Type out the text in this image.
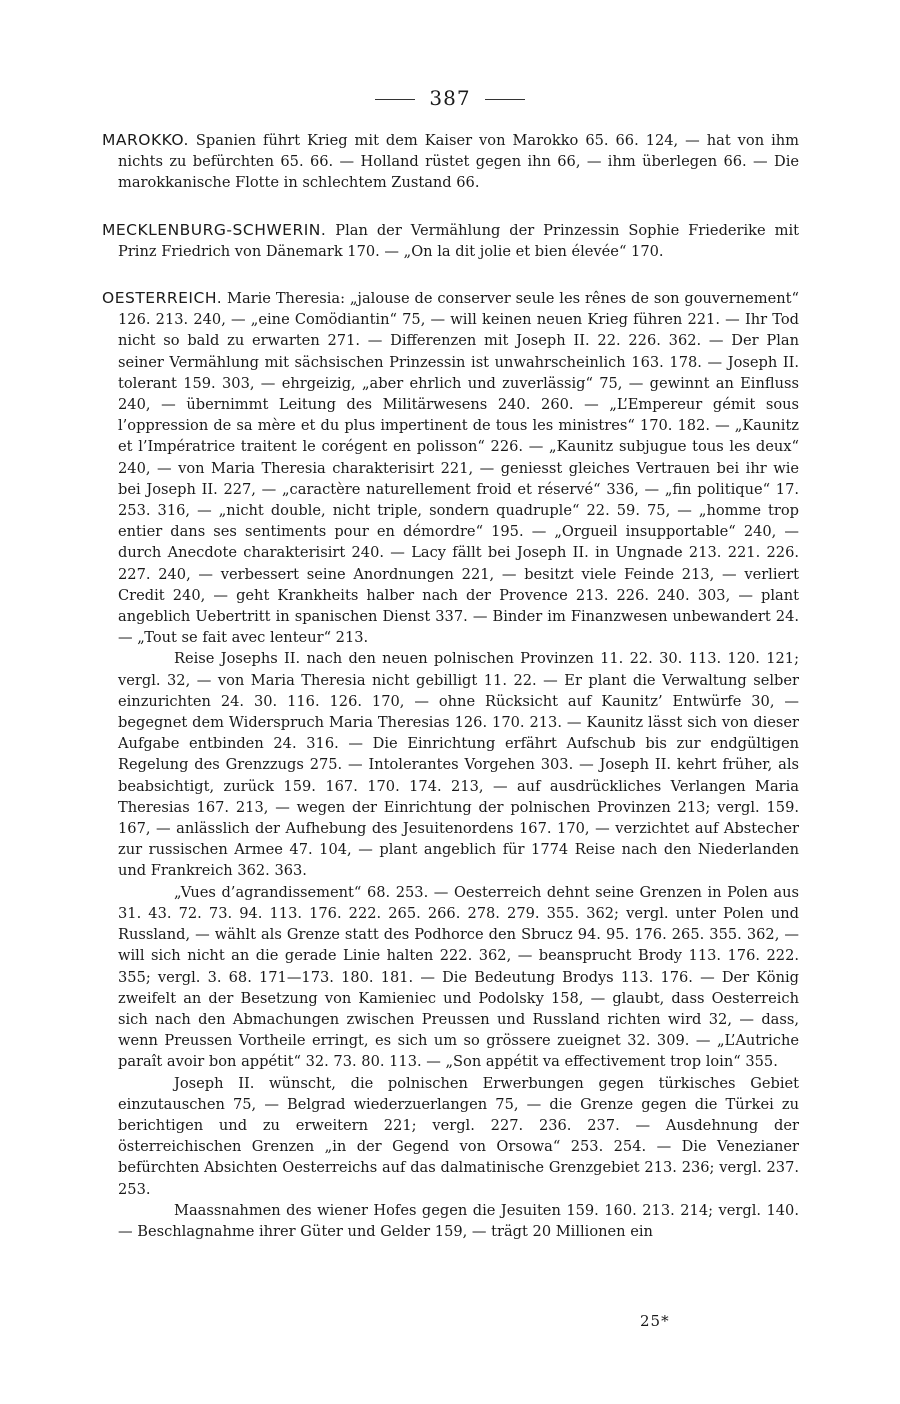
387

MAROKKO. Spanien führt Krieg mit dem Kaiser von Marokko 65. 66. 124, — hat von ihm nichts zu befürchten 65. 66. — Holland rüstet gegen ihn 66, — ihm überlegen 66. — Die marokkanische Flotte in schlechtem Zustand 66.

MECKLENBURG-SCHWERIN. Plan der Vermählung der Prinzessin Sophie Friederike mit Prinz Friedrich von Dänemark 170. — „On la dit jolie et bien élevée“ 170.

OESTERREICH. Marie Theresia: „jalouse de conserver seule les rênes de son gouvernement“ 126. 213. 240, — „eine Comödiantin“ 75, — will keinen neuen Krieg führen 221. — Ihr Tod nicht so bald zu erwarten 271. — Differenzen mit Joseph II. 22. 226. 362. — Der Plan seiner Vermählung mit sächsischen Prinzessin ist unwahrscheinlich 163. 178. — Joseph II. tolerant 159. 303, — ehrgeizig, „aber ehrlich und zuverlässig“ 75, — gewinnt an Einfluss 240, — übernimmt Leitung des Militärwesens 240. 260. — „L’Empereur gémit sous l’oppression de sa mère et du plus impertinent de tous les ministres“ 170. 182. — „Kaunitz et l’Impératrice traitent le corégent en polisson“ 226. — „Kaunitz subjugue tous les deux“ 240, — von Maria Theresia charakterisirt 221, — geniesst gleiches Vertrauen bei ihr wie bei Joseph II. 227, — „caractère naturellement froid et réservé“ 336, — „fin politique“ 17. 253. 316, — „nicht double, nicht triple, sondern quadruple“ 22. 59. 75, — „homme trop entier dans ses sentiments pour en démordre“ 195. — „Orgueil insupportable“ 240, — durch Anecdote charakterisirt 240. — Lacy fällt bei Joseph II. in Ungnade 213. 221. 226. 227. 240, — verbessert seine Anordnungen 221, — besitzt viele Feinde 213, — verliert Credit 240, — geht Krankheits halber nach der Provence 213. 226. 240. 303, — plant angeblich Uebertritt in spanischen Dienst 337. — Binder im Finanzwesen unbewandert 24. — „Tout se fait avec lenteur“ 213.

Reise Josephs II. nach den neuen polnischen Provinzen 11. 22. 30. 113. 120. 121; vergl. 32, — von Maria Theresia nicht gebilligt 11. 22. — Er plant die Verwaltung selber einzurichten 24. 30. 116. 126. 170, — ohne Rücksicht auf Kaunitz’ Entwürfe 30, — begegnet dem Widerspruch Maria Theresias 126. 170. 213. — Kaunitz lässt sich von dieser Aufgabe entbinden 24. 316. — Die Einrichtung erfährt Aufschub bis zur endgültigen Regelung des Grenzzugs 275. — Intolerantes Vorgehen 303. — Joseph II. kehrt früher, als beabsichtigt, zurück 159. 167. 170. 174. 213, — auf ausdrückliches Verlangen Maria Theresias 167. 213, — wegen der Einrichtung der polnischen Provinzen 213; vergl. 159. 167, — anlässlich der Aufhebung des Jesuitenordens 167. 170, — verzichtet auf Abstecher zur russischen Armee 47. 104, — plant angeblich für 1774 Reise nach den Niederlanden und Frankreich 362. 363.

„Vues d’agrandissement“ 68. 253. — Oesterreich dehnt seine Grenzen in Polen aus 31. 43. 72. 73. 94. 113. 176. 222. 265. 266. 278. 279. 355. 362; vergl. unter Polen und Russland, — wählt als Grenze statt des Podhorce den Sbrucz 94. 95. 176. 265. 355. 362, — will sich nicht an die gerade Linie halten 222. 362, — beansprucht Brody 113. 176. 222. 355; vergl. 3. 68. 171—173. 180. 181. — Die Bedeutung Brodys 113. 176. — Der König zweifelt an der Besetzung von Kamieniec und Podolsky 158, — glaubt, dass Oesterreich sich nach den Abmachungen zwischen Preussen und Russland richten wird 32, — dass, wenn Preussen Vortheile erringt, es sich um so grössere zueignet 32. 309. — „L’Autriche paraît avoir bon appétit“ 32. 73. 80. 113. — „Son appétit va effectivement trop loin“ 355.

Joseph II. wünscht, die polnischen Erwerbungen gegen türkisches Gebiet einzutauschen 75, — Belgrad wiederzuerlangen 75, — die Grenze gegen die Türkei zu berichtigen und zu erweitern 221; vergl. 227. 236. 237. — Ausdehnung der österreichischen Grenzen „in der Gegend von Orsowa“ 253. 254. — Die Venezianer befürchten Absichten Oesterreichs auf das dalmatinische Grenzgebiet 213. 236; vergl. 237. 253.

Maassnahmen des wiener Hofes gegen die Jesuiten 159. 160. 213. 214; vergl. 140. — Beschlagnahme ihrer Güter und Gelder 159, — trägt 20 Millionen ein

25*
